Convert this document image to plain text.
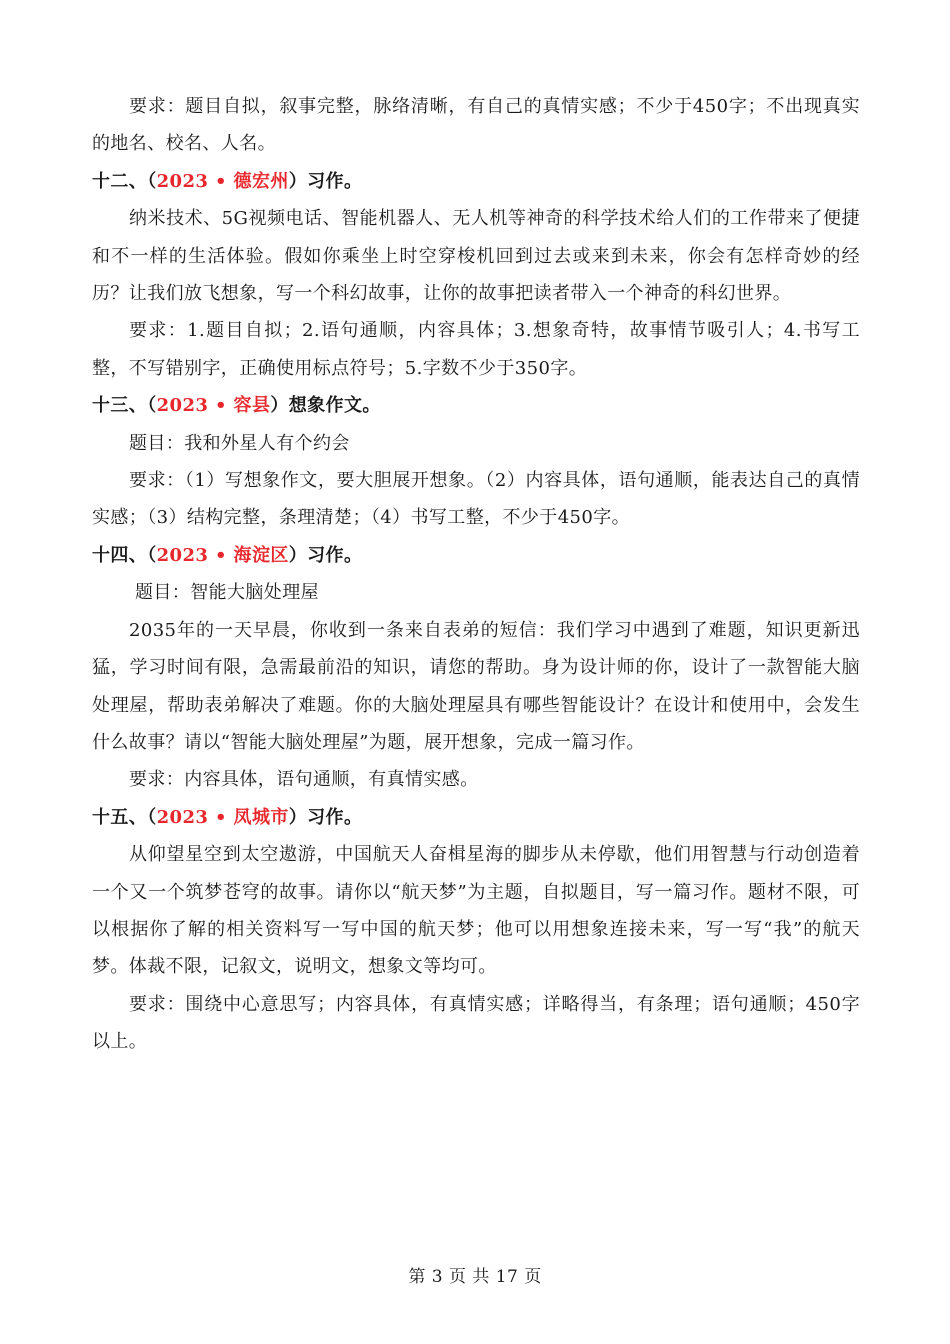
要求：题目自拟，叙事完整，脉络清晰，有自己的真情实感；不少于450字；不出现真实的地名、校名、人名。

十二、（2023 • 德宏州）习作。

纳米技术、5G视频电话、智能机器人、无人机等神奇的科学技术给人们的工作带来了便捷和不一样的生活体验。假如你乘坐上时空穿梭机回到过去或来到未来，你会有怎样奇妙的经历？让我们放飞想象，写一个科幻故事，让你的故事把读者带入一个神奇的科幻世界。

要求：1.题目自拟；2.语句通顺，内容具体；3.想象奇特，故事情节吸引人；4.书写工整，不写错别字，正确使用标点符号；5.字数不少于350字。

十三、（2023 • 容县）想象作文。

题目：我和外星人有个约会

要求：（1）写想象作文，要大胆展开想象。（2）内容具体，语句通顺，能表达自己的真情实感；（3）结构完整，条理清楚；（4）书写工整，不少于450字。

十四、（2023 • 海淀区）习作。

题目：智能大脑处理屋

2035年的一天早晨，你收到一条来自表弟的短信：我们学习中遇到了难题，知识更新迅猛，学习时间有限，急需最前沿的知识，请您的帮助。身为设计师的你，设计了一款智能大脑处理屋，帮助表弟解决了难题。你的大脑处理屋具有哪些智能设计？在设计和使用中，会发生什么故事？请以“智能大脑处理屋”为题，展开想象，完成一篇习作。

要求：内容具体，语句通顺，有真情实感。

十五、（2023 • 凤城市）习作。

从仰望星空到太空遨游，中国航天人奋楫星海的脚步从未停歇，他们用智慧与行动创造着一个又一个筑梦苍穹的故事。请你以“航天梦”为主题，自拟题目，写一篇习作。题材不限，可以根据你了解的相关资料写一写中国的航天梦；他可以用想象连接未来，写一写“我”的航天梦。体裁不限，记叙文，说明文，想象文等均可。

要求：围绕中心意思写；内容具体，有真情实感；详略得当，有条理；语句通顺；450字以上。

第 3 页 共 17 页
